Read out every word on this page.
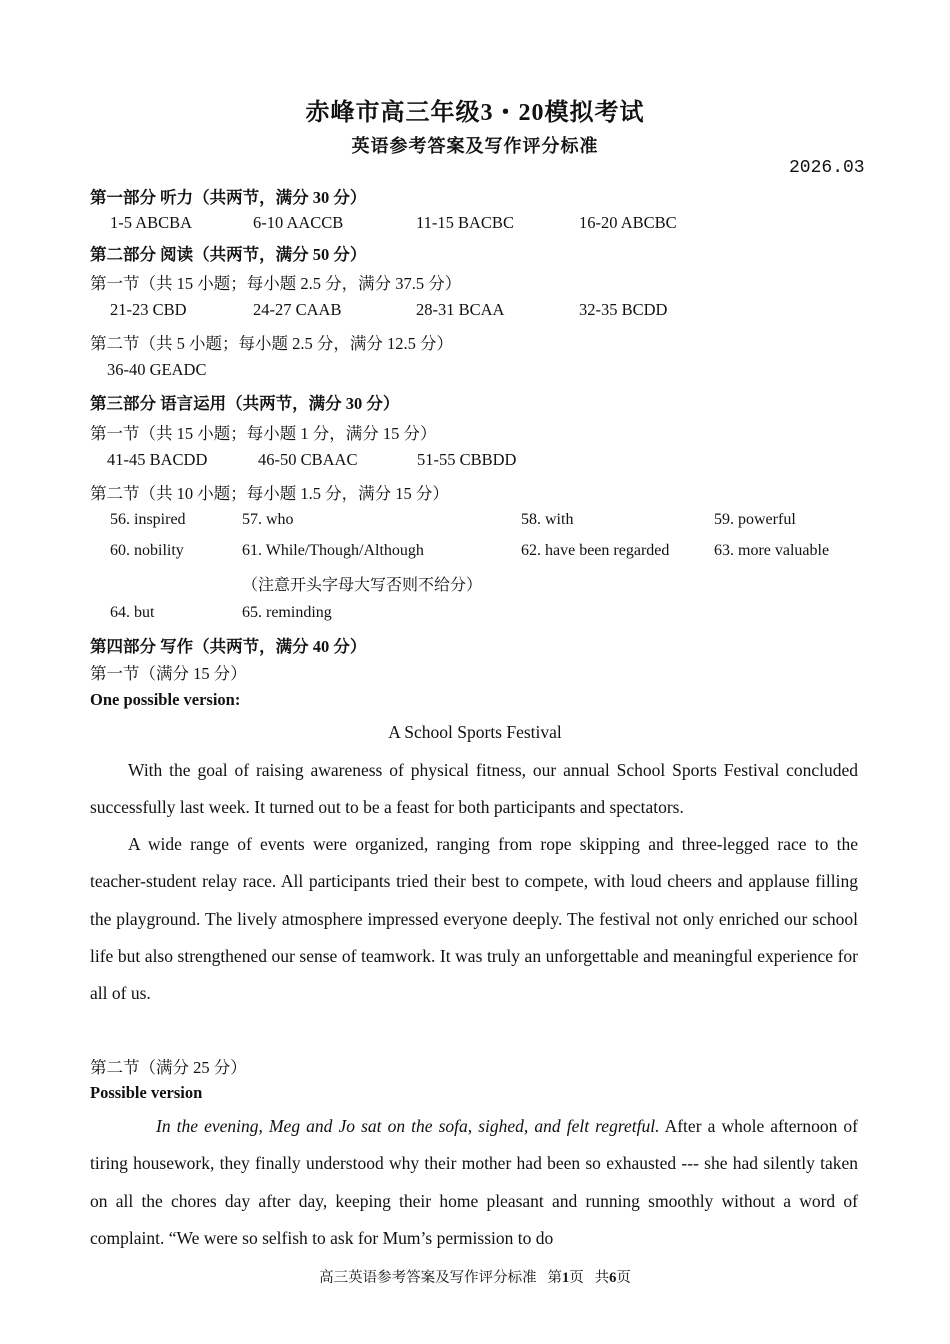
赤峰市高三年级3・20模拟考试
英语参考答案及写作评分标准
2026.03
第一部分 听力（共两节，满分 30 分）
1-5 ABCBA	6-10 AACCB	11-15 BACBC	16-20 ABCBC
第二部分 阅读（共两节，满分 50 分）
第一节（共 15 小题；每小题 2.5 分，满分 37.5 分）
21-23 CBD	24-27 CAAB	28-31 BCAA	32-35 BCDD
第二节（共 5 小题；每小题 2.5 分，满分 12.5 分）
36-40 GEADC
第三部分 语言运用（共两节，满分 30 分）
第一节（共 15 小题；每小题 1 分，满分 15 分）
41-45 BACDD	46-50 CBAAC	51-55 CBBDD
第二节（共 10 小题；每小题 1.5 分，满分 15 分）
56. inspired	57. who	58. with	59. powerful
60. nobility	61. While/Though/Although	62. have been regarded	63. more valuable
（注意开头字母大写否则不给分）
64. but	65. reminding
第四部分 写作（共两节，满分 40 分）
第一节（满分 15 分）
One possible version:
A School Sports Festival

With the goal of raising awareness of physical fitness, our annual School Sports Festival concluded successfully last week. It turned out to be a feast for both participants and spectators.

A wide range of events were organized, ranging from rope skipping and three-legged race to the teacher-student relay race. All participants tried their best to compete, with loud cheers and applause filling the playground. The lively atmosphere impressed everyone deeply. The festival not only enriched our school life but also strengthened our sense of teamwork. It was truly an unforgettable and meaningful experience for all of us.

第二节（满分 25 分）
Possible version

In the evening, Meg and Jo sat on the sofa, sighed, and felt regretful. After a whole afternoon of tiring housework, they finally understood why their mother had been so exhausted --- she had silently taken on all the chores day after day, keeping their home pleasant and running smoothly without a word of complaint. “We were so selfish to ask for Mum’s permission to do

高三英语参考答案及写作评分标准 第1页 共6页
